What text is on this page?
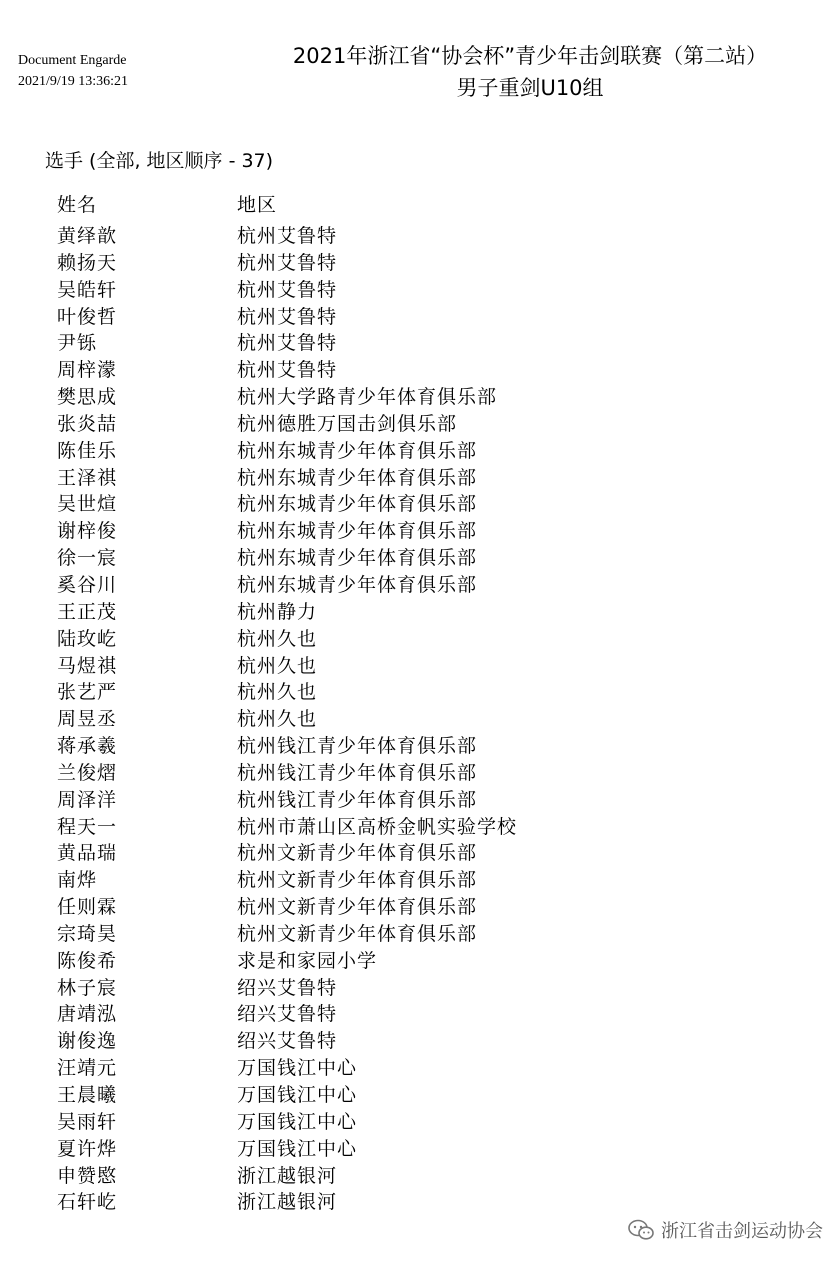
Document Engarde
2021/9/19 13:36:21
2021年浙江省“协会杯”青少年击剑联赛（第二站）
男子重剑U10组
选手 (全部, 地区顺序 - 37)
姓名	地区
黄绎歆	杭州艾鲁特
赖扬天	杭州艾鲁特
吴皓轩	杭州艾鲁特
叶俊哲	杭州艾鲁特
尹铄	杭州艾鲁特
周梓濛	杭州艾鲁特
樊思成	杭州大学路青少年体育俱乐部
张炎喆	杭州德胜万国击剑俱乐部
陈佳乐	杭州东城青少年体育俱乐部
王泽祺	杭州东城青少年体育俱乐部
吴世煊	杭州东城青少年体育俱乐部
谢梓俊	杭州东城青少年体育俱乐部
徐一宸	杭州东城青少年体育俱乐部
奚谷川	杭州东城青少年体育俱乐部
王正茂	杭州静力
陆玫屹	杭州久也
马煜祺	杭州久也
张艺严	杭州久也
周昱丞	杭州久也
蒋承羲	杭州钱江青少年体育俱乐部
兰俊熠	杭州钱江青少年体育俱乐部
周泽洋	杭州钱江青少年体育俱乐部
程天一	杭州市萧山区高桥金帆实验学校
黄品瑞	杭州文新青少年体育俱乐部
南烨	杭州文新青少年体育俱乐部
任则霖	杭州文新青少年体育俱乐部
宗琦昊	杭州文新青少年体育俱乐部
陈俊希	求是和家园小学
林子宸	绍兴艾鲁特
唐靖泓	绍兴艾鲁特
谢俊逸	绍兴艾鲁特
汪靖元	万国钱江中心
王晨曦	万国钱江中心
吴雨轩	万国钱江中心
夏许烨	万国钱江中心
申赞愍	浙江越银河
石轩屹	浙江越银河
浙江省击剑运动协会
